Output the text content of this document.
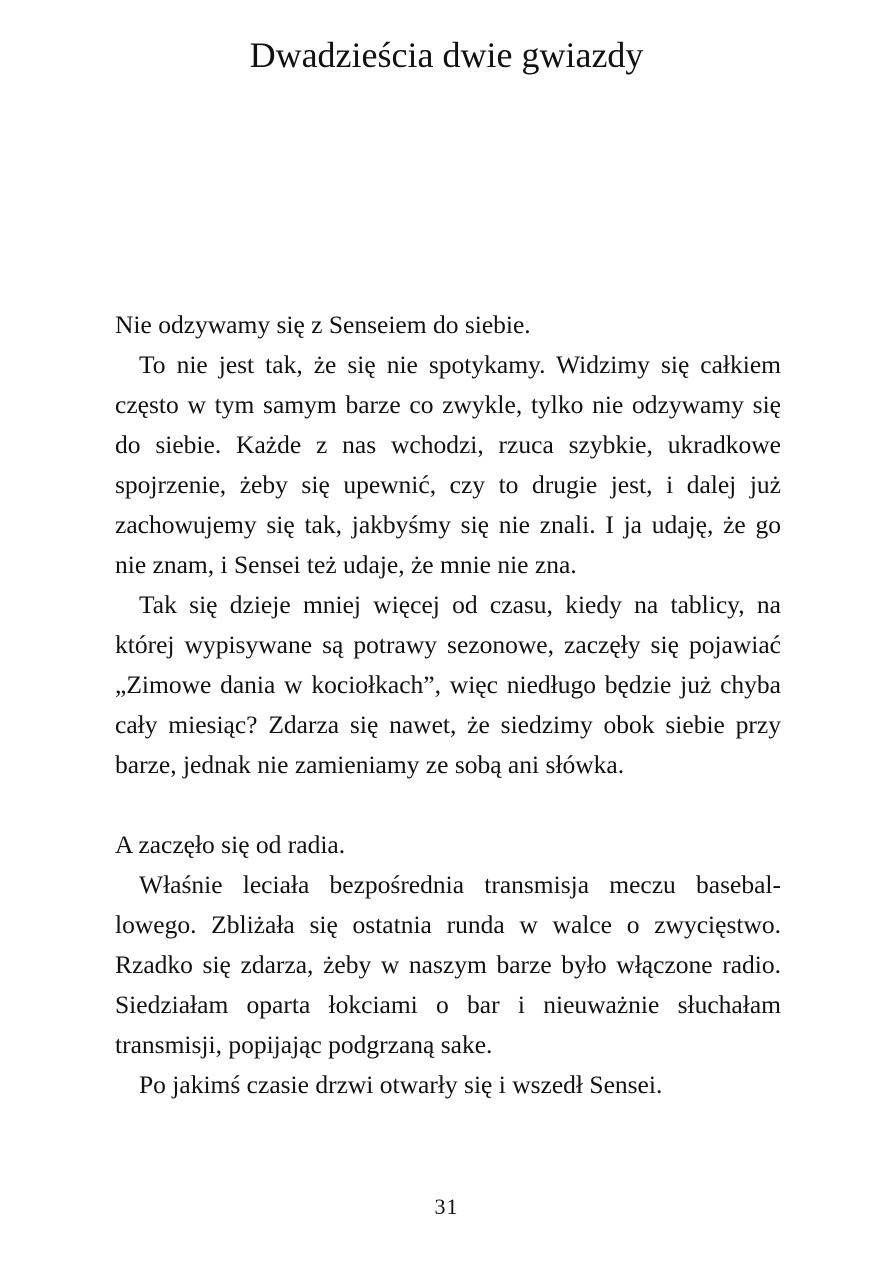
Dwadzieścia dwie gwiazdy

Nie odzywamy się z Senseiem do siebie.

To nie jest tak, że się nie spotykamy. Widzimy się całkiem często w tym samym barze co zwykle, tylko nie odzywamy się do siebie. Każde z nas wchodzi, rzuca szybkie, ukradkowe spojrzenie, żeby się upewnić, czy to drugie jest, i dalej już zachowujemy się tak, jakbyśmy się nie znali. I ja udaję, że go nie znam, i Sensei też udaje, że mnie nie zna.

Tak się dzieje mniej więcej od czasu, kiedy na tablicy, na której wypisywane są potrawy sezonowe, zaczęły się pojawiać „Zimowe dania w kociołkach”, więc niedługo będzie już chyba cały miesiąc? Zdarza się nawet, że siedzimy obok siebie przy barze, jednak nie zamieniamy ze sobą ani słówka.

A zaczęło się od radia.

Właśnie leciała bezpośrednia transmisja meczu baseballowego. Zbliżała się ostatnia runda w walce o zwycięstwo. Rzadko się zdarza, żeby w naszym barze było włączone radio. Siedziałam oparta łokciami o bar i nieuważnie słuchałam transmisji, popijając podgrzaną sake.

Po jakimś czasie drzwi otwarły się i wszedł Sensei.

31
